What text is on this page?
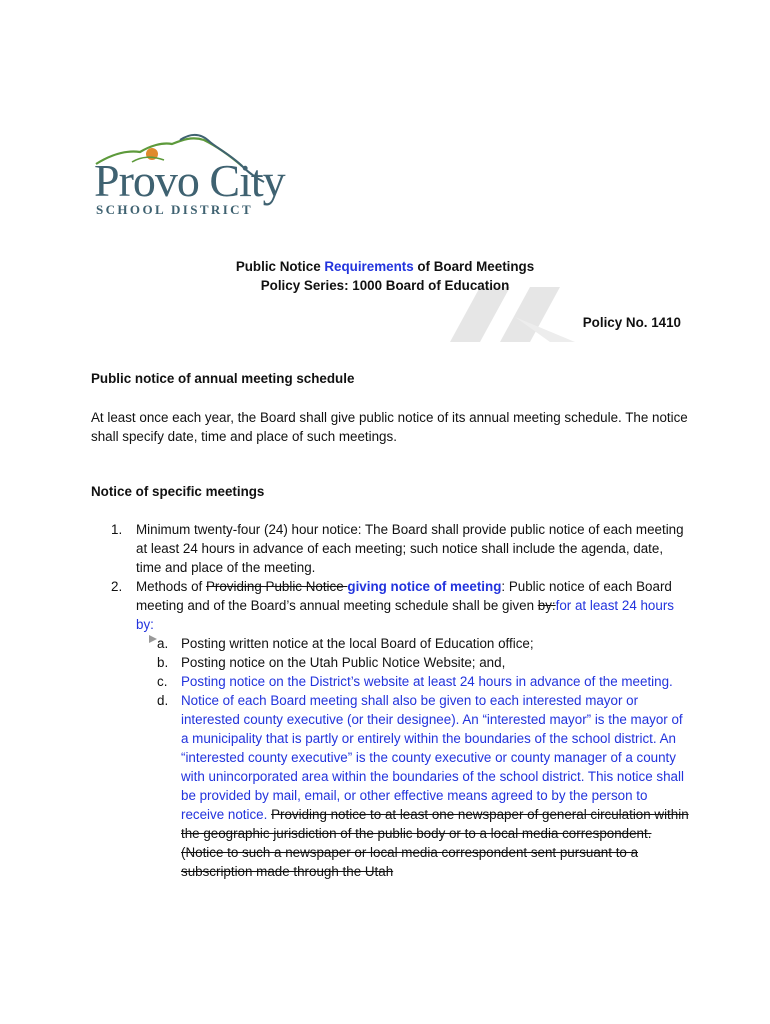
Provo City
SCHOOL DISTRICT
Public Notice Requirements of Board Meetings
Policy Series: 1000 Board of Education
Policy No. 1410
Public notice of annual meeting schedule
At least once each year, the Board shall give public notice of its annual meeting schedule. The notice shall specify date, time and place of such meetings.
Notice of specific meetings
1. Minimum twenty-four (24) hour notice: The Board shall provide public notice of each meeting at least 24 hours in advance of each meeting; such notice shall include the agenda, date, time and place of the meeting.
2. Methods of Providing Public Notice giving notice of meeting: Public notice of each Board meeting and of the Board’s annual meeting schedule shall be given by:for at least 24 hours by:
a. Posting written notice at the local Board of Education office;
b. Posting notice on the Utah Public Notice Website; and,
c. Posting notice on the District’s website at least 24 hours in advance of the meeting.
d. Notice of each Board meeting shall also be given to each interested mayor or interested county executive (or their designee). An “interested mayor” is the mayor of a municipality that is partly or entirely within the boundaries of the school district. An “interested county executive” is the county executive or county manager of a county with unincorporated area within the boundaries of the school district. This notice shall be provided by mail, email, or other effective means agreed to by the person to receive notice. Providing notice to at least one newspaper of general circulation within the geographic jurisdiction of the public body or to a local media correspondent. (Notice to such a newspaper or local media correspondent sent pursuant to a subscription made through the Utah
